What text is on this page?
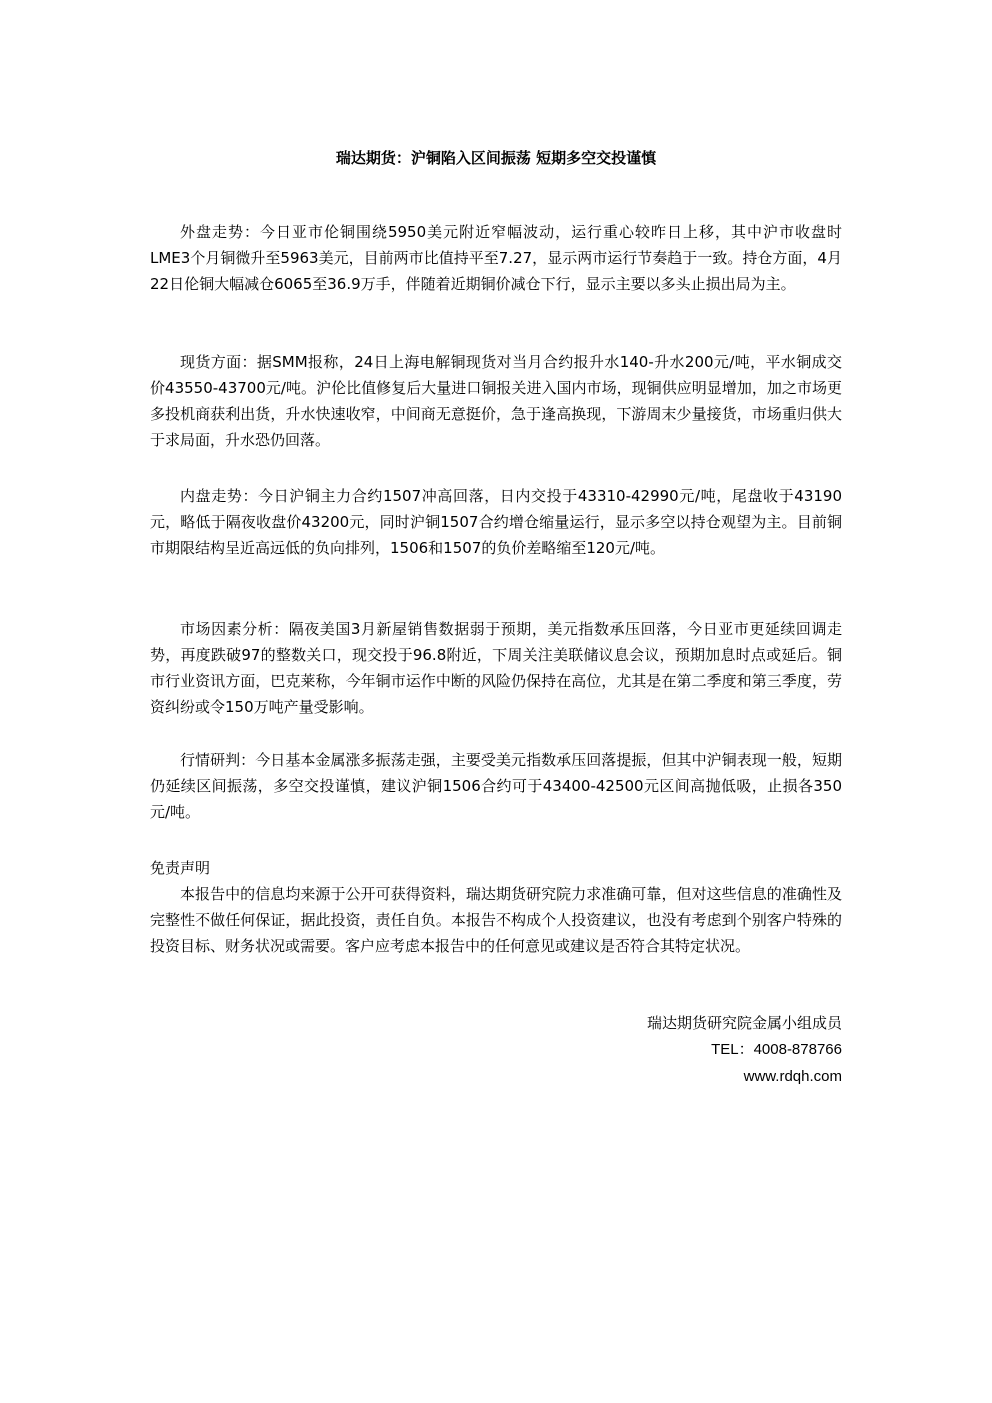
瑞达期货：沪铜陷入区间振荡 短期多空交投谨慎

外盘走势：今日亚市伦铜围绕5950美元附近窄幅波动，运行重心较昨日上移，其中沪市收盘时LME3个月铜微升至5963美元，目前两市比值持平至7.27，显示两市运行节奏趋于一致。持仓方面，4月22日伦铜大幅减仓6065至36.9万手，伴随着近期铜价减仓下行，显示主要以多头止损出局为主。

现货方面：据SMM报称，24日上海电解铜现货对当月合约报升水140-升水200元/吨，平水铜成交价43550-43700元/吨。沪伦比值修复后大量进口铜报关进入国内市场，现铜供应明显增加，加之市场更多投机商获利出货，升水快速收窄，中间商无意挺价，急于逢高换现，下游周末少量接货，市场重归供大于求局面，升水恐仍回落。

内盘走势：今日沪铜主力合约1507冲高回落，日内交投于43310-42990元/吨，尾盘收于43190元，略低于隔夜收盘价43200元，同时沪铜1507合约增仓缩量运行，显示多空以持仓观望为主。目前铜市期限结构呈近高远低的负向排列，1506和1507的负价差略缩至120元/吨。

市场因素分析：隔夜美国3月新屋销售数据弱于预期，美元指数承压回落，今日亚市更延续回调走势，再度跌破97的整数关口，现交投于96.8附近，下周关注美联储议息会议，预期加息时点或延后。铜市行业资讯方面，巴克莱称，今年铜市运作中断的风险仍保持在高位，尤其是在第二季度和第三季度，劳资纠纷或令150万吨产量受影响。

行情研判：今日基本金属涨多振荡走强，主要受美元指数承压回落提振，但其中沪铜表现一般，短期仍延续区间振荡，多空交投谨慎，建议沪铜1506合约可于43400-42500元区间高抛低吸，止损各350元/吨。

免责声明

本报告中的信息均来源于公开可获得资料，瑞达期货研究院力求准确可靠，但对这些信息的准确性及完整性不做任何保证，据此投资，责任自负。本报告不构成个人投资建议，也没有考虑到个别客户特殊的投资目标、财务状况或需要。客户应考虑本报告中的任何意见或建议是否符合其特定状况。

瑞达期货研究院金属小组成员

TEL：4008-878766

www.rdqh.com
